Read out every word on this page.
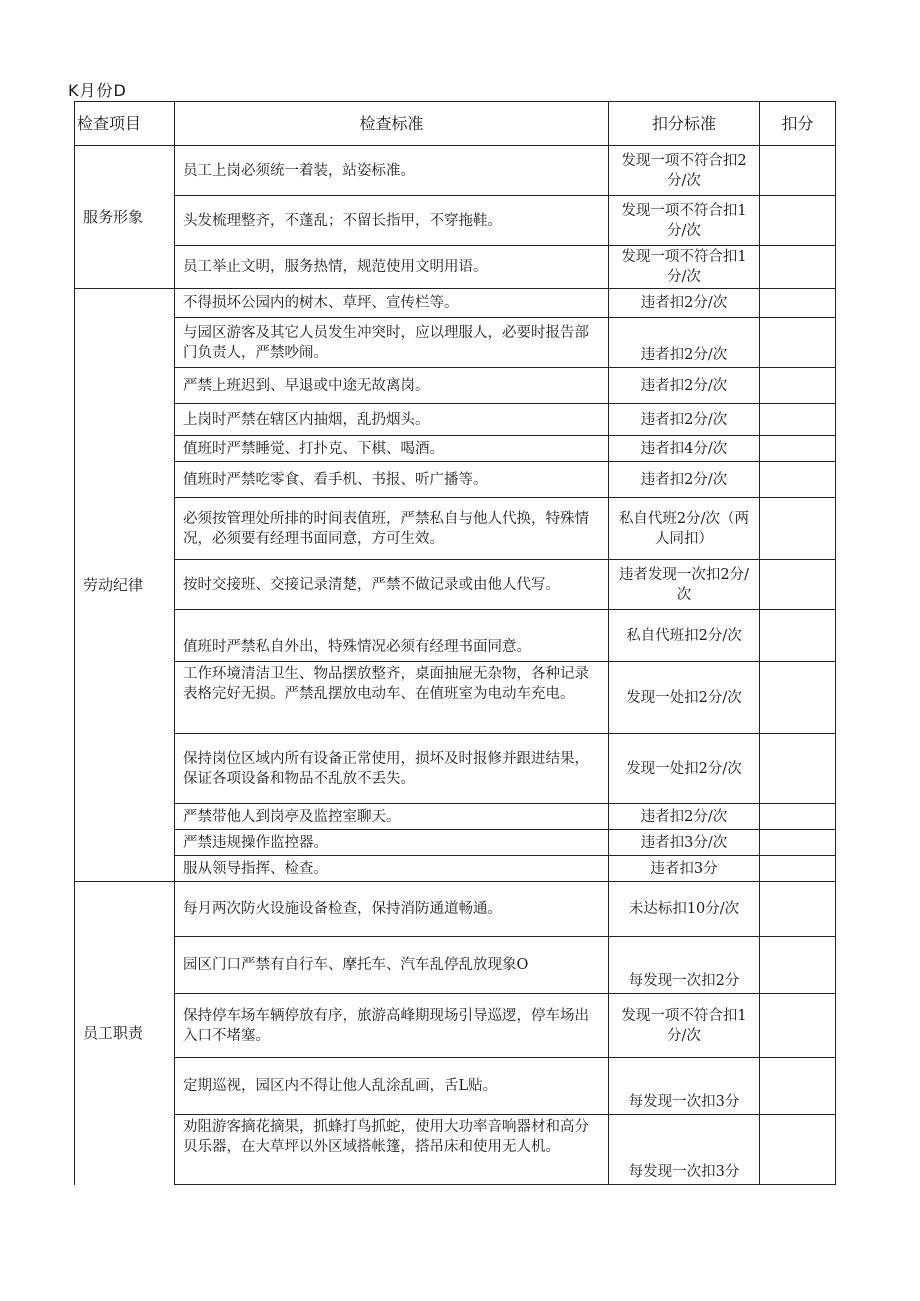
K月份D
检查项目	检查标准	扣分标准	扣分
服务形象	员工上岗必须统一着装，站姿标准。	发现一项不符合扣2分/次	
	头发梳理整齐，不蓬乱；不留长指甲，不穿拖鞋。	发现一项不符合扣1分/次	
	员工举止文明，服务热情，规范使用文明用语。	发现一项不符合扣1分/次	
劳动纪律	不得损坏公园内的树木、草坪、宣传栏等。	违者扣2分/次	
	与园区游客及其它人员发生冲突时，应以理服人，必要时报告部门负责人，严禁吵闹。	违者扣2分/次	
	严禁上班迟到、早退或中途无故离岗。	违者扣2分/次	
	上岗时严禁在辖区内抽烟，乱扔烟头。	违者扣2分/次	
	值班时严禁睡觉、打扑克、下棋、喝酒。	违者扣4分/次	
	值班时严禁吃零食、看手机、书报、听广播等。	违者扣2分/次	
	必须按管理处所排的时间表值班，严禁私自与他人代换，特殊情况，必须要有经理书面同意，方可生效。	私自代班2分/次（两人同扣）	
	按时交接班、交接记录清楚，严禁不做记录或由他人代写。	违者发现一次扣2分/次	
	值班时严禁私自外出，特殊情况必须有经理书面同意。	私自代班扣2分/次	
	工作环境清洁卫生、物品摆放整齐，桌面抽屉无杂物，各种记录表格完好无损。严禁乱摆放电动车、在值班室为电动车充电。	发现一处扣2分/次	
	保持岗位区域内所有设备正常使用，损坏及时报修并跟进结果，保证各项设备和物品不乱放不丢失。	发现一处扣2分/次	
	严禁带他人到岗亭及监控室聊天。	违者扣2分/次	
	严禁违规操作监控器。	违者扣3分/次	
	服从领导指挥、检查。	违者扣3分	
员工职责	每月两次防火设施设备检查，保持消防通道畅通。	未达标扣10分/次	
	园区门口严禁有自行车、摩托车、汽车乱停乱放现象O	每发现一次扣2分	
	保持停车场车辆停放有序，旅游高峰期现场引导巡逻，停车场出入口不堵塞。	发现一项不符合扣1分/次	
	定期巡视，园区内不得让他人乱涂乱画，舌L贴。	每发现一次扣3分	
	劝阻游客摘花摘果，抓蜂打鸟抓蛇，使用大功率音响器材和高分贝乐器，在大草坪以外区域搭帐篷，搭吊床和使用无人机。	每发现一次扣3分	
